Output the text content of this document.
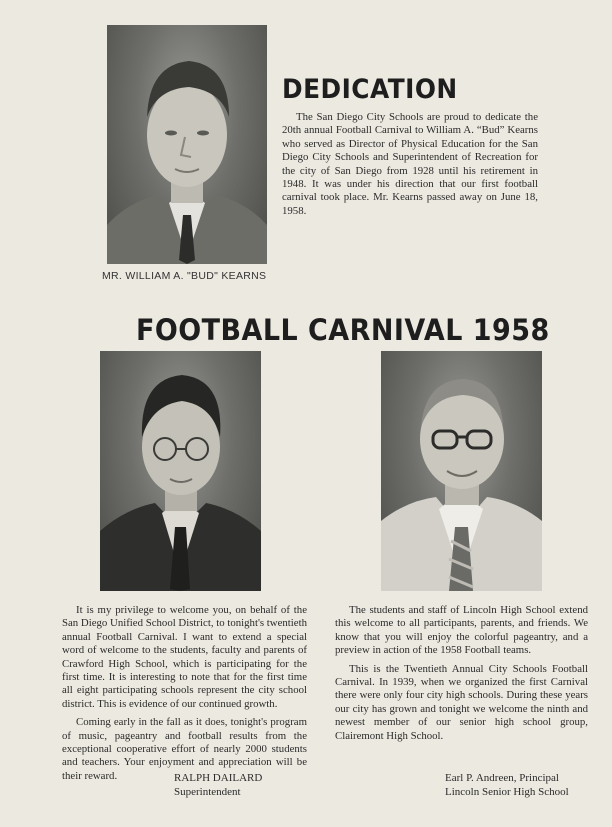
MR. WILLIAM A. "BUD" KEARNS
DEDICATION

The San Diego City Schools are proud to dedicate the 20th annual Football Carnival to William A. “Bud” Kearns who served as Director of Physical Education for the San Diego City Schools and Superintendent of Recreation for the city of San Diego from 1928 until his retirement in 1948. It was under his direction that our first football carnival took place. Mr. Kearns passed away on June 18, 1958.

FOOTBALL CARNIVAL 1958

It is my privilege to welcome you, on behalf of the San Diego Unified School District, to tonight's twentieth annual Football Carnival. I want to extend a special word of welcome to the students, faculty and parents of Crawford High School, which is participating for the first time. It is interesting to note that for the first time all eight participating schools represent the city school district. This is evidence of our continued growth.

Coming early in the fall as it does, tonight's program of music, pageantry and football results from the exceptional cooperative effort of nearly 2000 students and teachers. Your enjoyment and appreciation will be their reward.	RALPH DAILARD
Superintendent

The students and staff of Lincoln High School extend this welcome to all participants, parents, and friends. We know that you will enjoy the colorful pageantry, and a preview in action of the 1958 Football teams.

This is the Twentieth Annual City Schools Football Carnival. In 1939, when we organized the first Carnival there were only four city high schools. During these years our city has grown and tonight we welcome the ninth and newest member of our senior high school group, Clairemont High School.

Earl P. Andreen, Principal
Lincoln Senior High School
